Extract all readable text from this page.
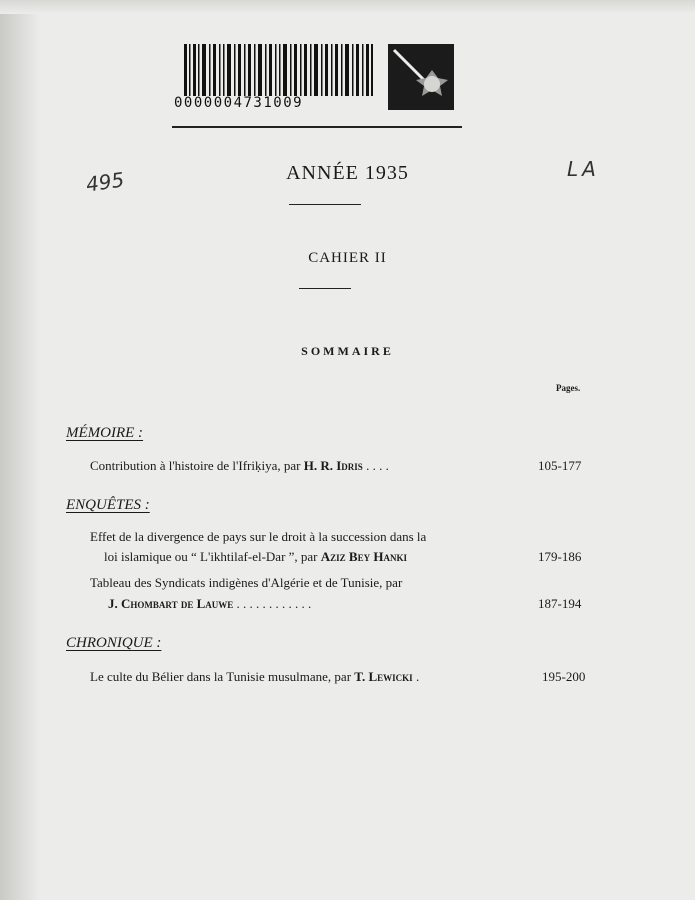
0000004731009
495	LA
ANNÉE 1935
CAHIER II
SOMMAIRE
Pages.
MÉMOIRE :
Contribution à l'histoire de l'Ifriḳiya, par H. R. Idris . . . .	105-177
ENQUÊTES :
Effet de la divergence de pays sur le droit à la succession dans la
loi islamique ou “ L'ikhtilaf-el-Dar ”, par Aziz Bey Hanki	179-186
Tableau des Syndicats indigènes d'Algérie et de Tunisie, par
J. Chombart de Lauwe . . . . . . . . . . . .	187-194
CHRONIQUE :
Le culte du Bélier dans la Tunisie musulmane, par T. Lewicki .	195-200
